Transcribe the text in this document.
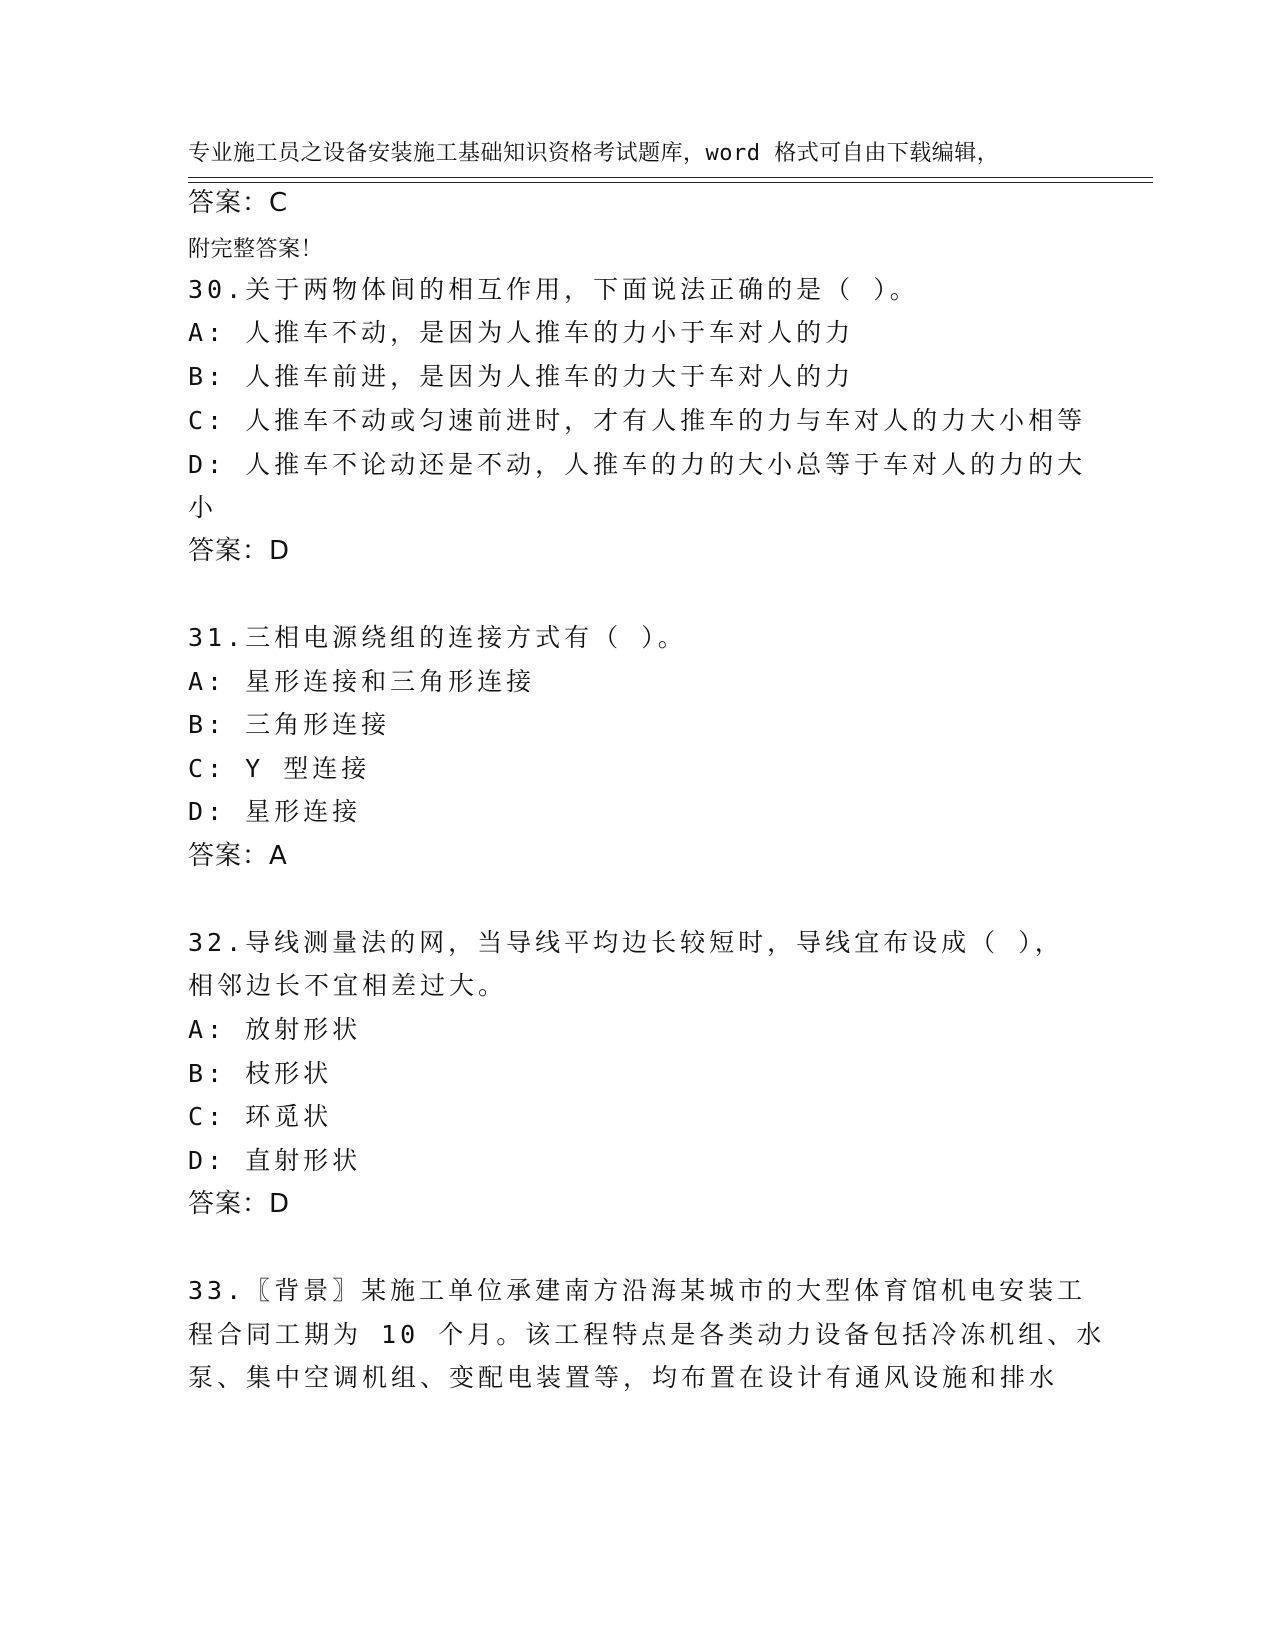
专业施工员之设备安装施工基础知识资格考试题库，word 格式可自由下载编辑，

附完整答案！

答案：C
30.关于两物体间的相互作用，下面说法正确的是（ ）。
A: 人推车不动，是因为人推车的力小于车对人的力
B: 人推车前进，是因为人推车的力大于车对人的力
C: 人推车不动或匀速前进时，才有人推车的力与车对人的力大小相等
D: 人推车不论动还是不动，人推车的力的大小总等于车对人的力的大
小
答案：D
31.三相电源绕组的连接方式有（ ）。
A: 星形连接和三角形连接
B: 三角形连接
C: Y 型连接
D: 星形连接
答案：A
32.导线测量法的网，当导线平均边长较短时，导线宜布设成（ ），
相邻边长不宜相差过大。
A: 放射形状
B: 枝形状
C: 环觅状
D: 直射形状
答案：D
33.〖背景〗某施工单位承建南方沿海某城市的大型体育馆机电安装工
程合同工期为 10 个月。该工程特点是各类动力设备包括冷冻机组、水
泵、集中空调机组、变配电装置等，均布置在设计有通风设施和排水
